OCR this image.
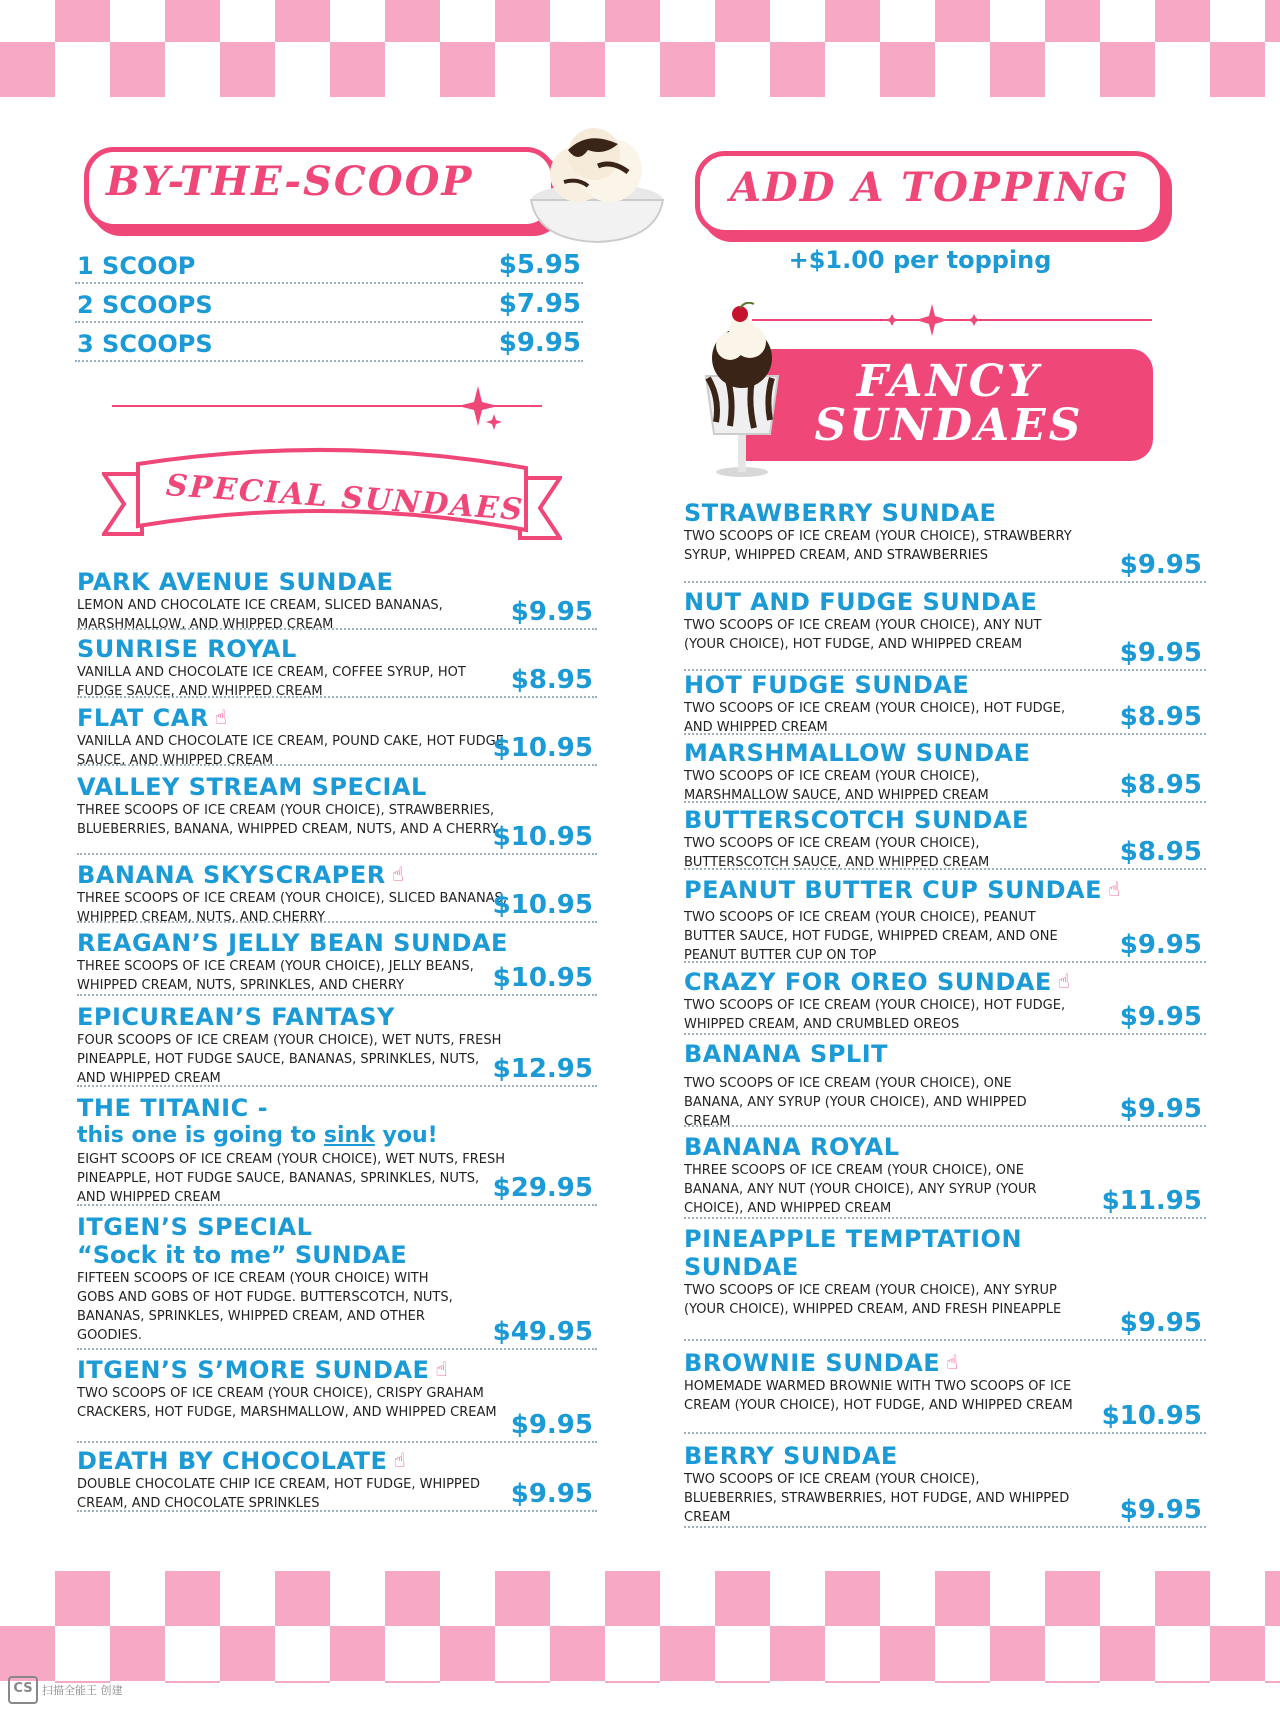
BY-THE-SCOOP
1 SCOOP	$5.95
2 SCOOPS	$7.95
3 SCOOPS	$9.95
SPECIAL SUNDAES
ADD A TOPPING
+$1.00 per topping
FANCY
SUNDAES
PARK AVENUE SUNDAE
LEMON AND CHOCOLATE ICE CREAM, SLICED BANANAS, MARSHMALLOW, AND WHIPPED CREAM	$9.95
SUNRISE ROYAL
VANILLA AND CHOCOLATE ICE CREAM, COFFEE SYRUP, HOT FUDGE SAUCE, AND WHIPPED CREAM	$8.95
FLAT CAR ☝
VANILLA AND CHOCOLATE ICE CREAM, POUND CAKE, HOT FUDGE SAUCE, AND WHIPPED CREAM	$10.95
VALLEY STREAM SPECIAL
THREE SCOOPS OF ICE CREAM (YOUR CHOICE), STRAWBERRIES, BLUEBERRIES, BANANA, WHIPPED CREAM, NUTS, AND A CHERRY
$10.95
BANANA SKYSCRAPER ☝
THREE SCOOPS OF ICE CREAM (YOUR CHOICE), SLICED BANANAS, WHIPPED CREAM, NUTS, AND CHERRY	$10.95
REAGAN’S JELLY BEAN SUNDAE
THREE SCOOPS OF ICE CREAM (YOUR CHOICE), JELLY BEANS, WHIPPED CREAM, NUTS, SPRINKLES, AND CHERRY	$10.95
EPICUREAN’S FANTASY
FOUR SCOOPS OF ICE CREAM (YOUR CHOICE), WET NUTS, FRESH PINEAPPLE, HOT FUDGE SAUCE, BANANAS, SPRINKLES, NUTS, AND WHIPPED CREAM	$12.95
THE TITANIC -
this one is going to sink you!
EIGHT SCOOPS OF ICE CREAM (YOUR CHOICE), WET NUTS, FRESH PINEAPPLE, HOT FUDGE SAUCE, BANANAS, SPRINKLES, NUTS, AND WHIPPED CREAM	$29.95
ITGEN’S SPECIAL
“Sock it to me” SUNDAE
FIFTEEN SCOOPS OF ICE CREAM (YOUR CHOICE) WITH GOBS AND GOBS OF HOT FUDGE. BUTTERSCOTCH, NUTS, BANANAS, SPRINKLES, WHIPPED CREAM, AND OTHER GOODIES.	$49.95
ITGEN’S S’MORE SUNDAE ☝
TWO SCOOPS OF ICE CREAM (YOUR CHOICE), CRISPY GRAHAM CRACKERS, HOT FUDGE, MARSHMALLOW, AND WHIPPED CREAM $9.95
DEATH BY CHOCOLATE ☝
DOUBLE CHOCOLATE CHIP ICE CREAM, HOT FUDGE, WHIPPED CREAM, AND CHOCOLATE SPRINKLES	$9.95
STRAWBERRY SUNDAE
TWO SCOOPS OF ICE CREAM (YOUR CHOICE), STRAWBERRY SYRUP, WHIPPED CREAM, AND STRAWBERRIES	$9.95
NUT AND FUDGE SUNDAE
TWO SCOOPS OF ICE CREAM (YOUR CHOICE), ANY NUT (YOUR CHOICE), HOT FUDGE, AND WHIPPED CREAM	$9.95
HOT FUDGE SUNDAE
TWO SCOOPS OF ICE CREAM (YOUR CHOICE), HOT FUDGE, AND WHIPPED CREAM	$8.95
MARSHMALLOW SUNDAE
TWO SCOOPS OF ICE CREAM (YOUR CHOICE), MARSHMALLOW SAUCE, AND WHIPPED CREAM	$8.95
BUTTERSCOTCH SUNDAE
TWO SCOOPS OF ICE CREAM (YOUR CHOICE), BUTTERSCOTCH SAUCE, AND WHIPPED CREAM	$8.95
PEANUT BUTTER CUP SUNDAE ☝
TWO SCOOPS OF ICE CREAM (YOUR CHOICE), PEANUT BUTTER SAUCE, HOT FUDGE, WHIPPED CREAM, AND ONE PEANUT BUTTER CUP ON TOP	$9.95
CRAZY FOR OREO SUNDAE ☝
TWO SCOOPS OF ICE CREAM (YOUR CHOICE), HOT FUDGE, WHIPPED CREAM, AND CRUMBLED OREOS	$9.95
BANANA SPLIT
TWO SCOOPS OF ICE CREAM (YOUR CHOICE), ONE BANANA, ANY SYRUP (YOUR CHOICE), AND WHIPPED CREAM	$9.95
BANANA ROYAL
THREE SCOOPS OF ICE CREAM (YOUR CHOICE), ONE BANANA, ANY NUT (YOUR CHOICE), ANY SYRUP (YOUR CHOICE), AND WHIPPED CREAM	$11.95
PINEAPPLE TEMPTATION
SUNDAE
TWO SCOOPS OF ICE CREAM (YOUR CHOICE), ANY SYRUP (YOUR CHOICE), WHIPPED CREAM, AND FRESH PINEAPPLE	$9.95
BROWNIE SUNDAE ☝
HOMEMADE WARMED BROWNIE WITH TWO SCOOPS OF ICE CREAM (YOUR CHOICE), HOT FUDGE, AND WHIPPED CREAM $10.95
BERRY SUNDAE
TWO SCOOPS OF ICE CREAM (YOUR CHOICE), BLUEBERRIES, STRAWBERRIES, HOT FUDGE, AND WHIPPED CREAM	$9.95
CS 扫描全能王 创建
